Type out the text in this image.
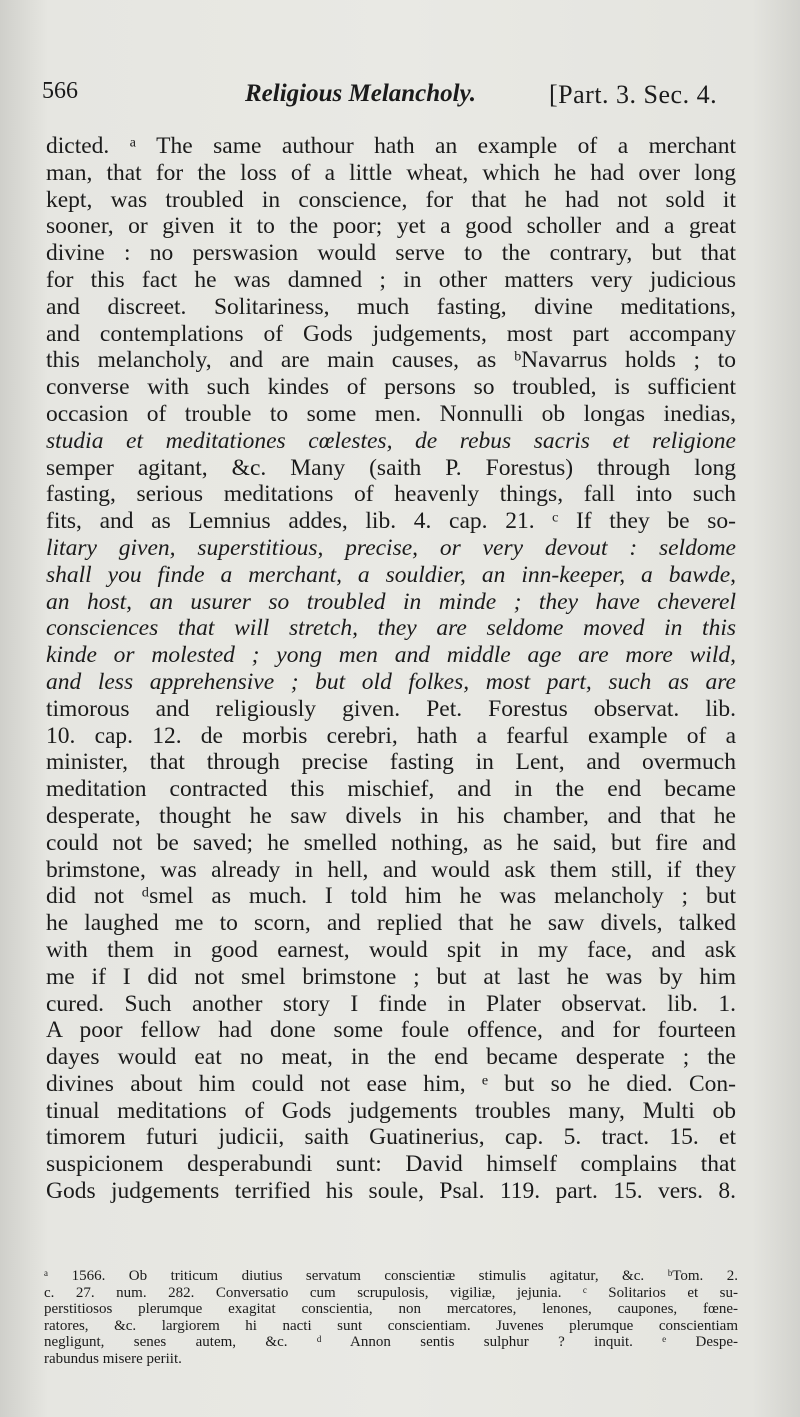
566	Religious Melancholy.	[Part. 3. Sec. 4.
dicted. ᵃ The same authour hath an example of a merchant
man, that for the loss of a little wheat, which he had over long
kept, was troubled in conscience, for that he had not sold it
sooner, or given it to the poor; yet a good scholler and a great
divine : no perswasion would serve to the contrary, but that
for this fact he was damned ; in other matters very judicious
and discreet. Solitariness, much fasting, divine meditations,
and contemplations of Gods judgements, most part accompany
this melancholy, and are main causes, as ᵇNavarrus holds ; to
converse with such kindes of persons so troubled, is sufficient
occasion of trouble to some men. Nonnulli ob longas inedias,
studia et meditationes cœlestes, de rebus sacris et religione
semper agitant, &c. Many (saith P. Forestus) through long
fasting, serious meditations of heavenly things, fall into such
fits, and as Lemnius addes, lib. 4. cap. 21. ᶜ If they be so-
litary given, superstitious, precise, or very devout : seldome
shall you finde a merchant, a souldier, an inn-keeper, a bawde,
an host, an usurer so troubled in minde ; they have cheverel
consciences that will stretch, they are seldome moved in this
kinde or molested ; yong men and middle age are more wild,
and less apprehensive ; but old folkes, most part, such as are
timorous and religiously given. Pet. Forestus observat. lib.
10. cap. 12. de morbis cerebri, hath a fearful example of a
minister, that through precise fasting in Lent, and overmuch
meditation contracted this mischief, and in the end became
desperate, thought he saw divels in his chamber, and that he
could not be saved; he smelled nothing, as he said, but fire and
brimstone, was already in hell, and would ask them still, if they
did not ᵈsmel as much. I told him he was melancholy ; but
he laughed me to scorn, and replied that he saw divels, talked
with them in good earnest, would spit in my face, and ask
me if I did not smel brimstone ; but at last he was by him
cured. Such another story I finde in Plater observat. lib. 1.
A poor fellow had done some foule offence, and for fourteen
dayes would eat no meat, in the end became desperate ; the
divines about him could not ease him, ᵉ but so he died. Con-
tinual meditations of Gods judgements troubles many, Multi ob
timorem futuri judicii, saith Guatinerius, cap. 5. tract. 15. et
suspicionem desperabundi sunt: David himself complains that
Gods judgements terrified his soule, Psal. 119. part. 15. vers. 8.
ᵃ 1566. Ob triticum diutius servatum conscientiæ stimulis agitatur, &c. ᵇTom. 2.
c. 27. num. 282. Conversatio cum scrupulosis, vigiliæ, jejunia. ᶜ Solitarios et su-
perstitiosos plerumque exagitat conscientia, non mercatores, lenones, caupones, fœne-
ratores, &c. largiorem hi nacti sunt conscientiam. Juvenes plerumque conscientiam
negligunt, senes autem, &c. ᵈ Annon sentis sulphur ? inquit. ᵉ Despe-
rabundus misere periit.
